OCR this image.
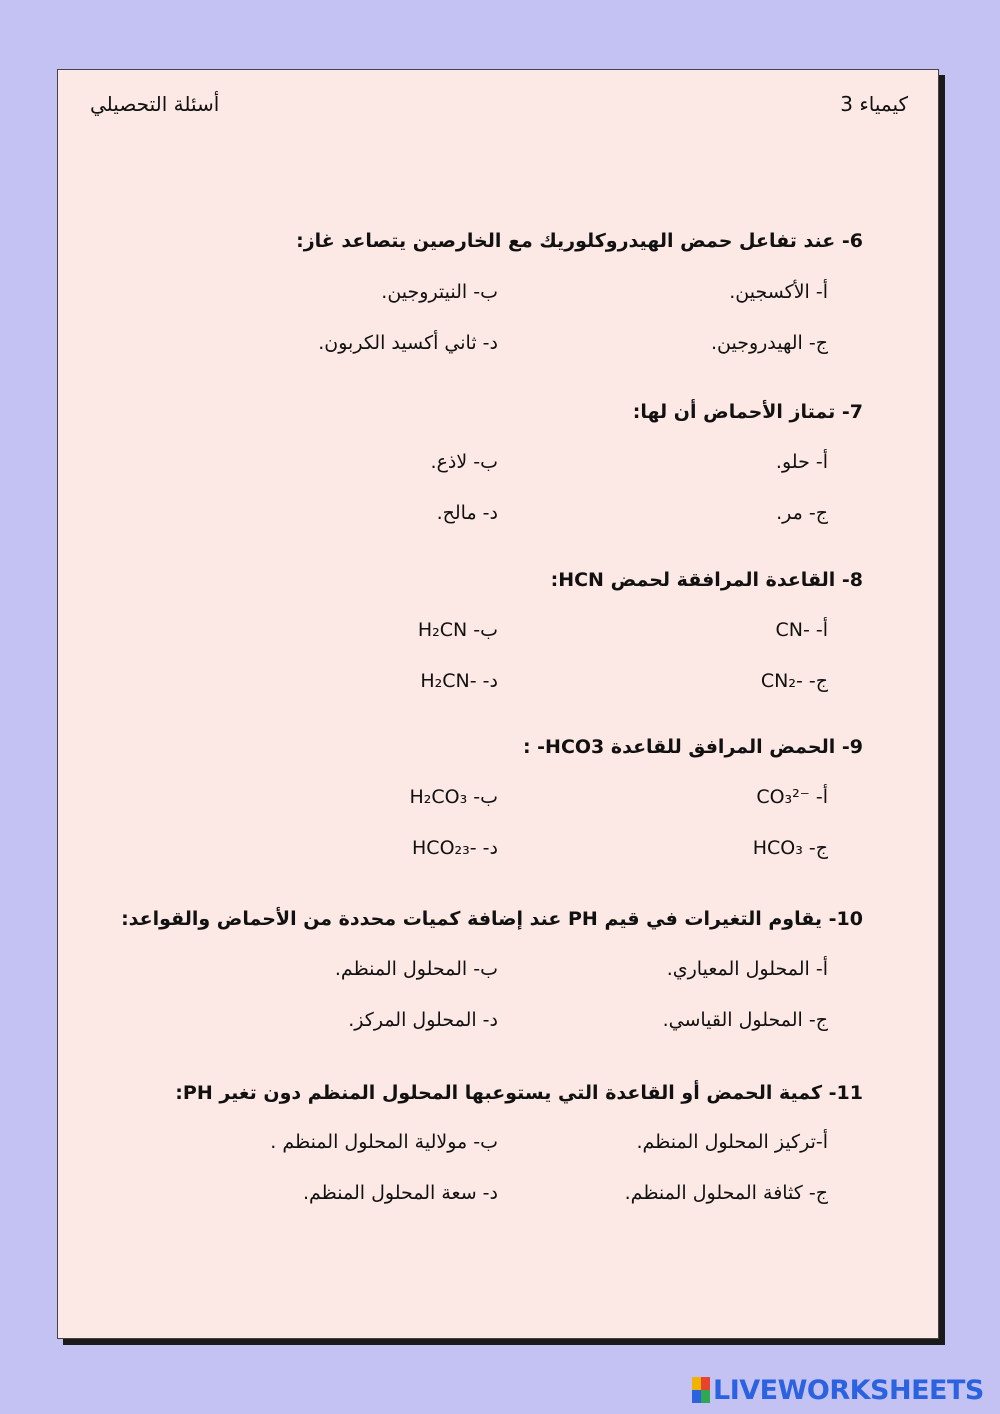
كيمياء 3
أسئلة التحصيلي
6- عند تفاعل حمض الهيدروكلوريك مع الخارصين يتصاعد غاز:
أ- الأكسجين.
ب- النيتروجين.
ج- الهيدروجين.
د- ثاني أكسيد الكربون.
7- تمتاز الأحماض أن لها:
أ- حلو.
ب- لاذع.
ج- مر.
د- مالح.
8- القاعدة المرافقة لحمض HCN:
أ- CN-
ب- H₂CN
ج- CN₂-
د- H₂CN-
9- الحمض المرافق للقاعدة HCO3- :
أ- CO₃²⁻
ب- H₂CO₃
ج- HCO₃
د- HCO₂₃-
10- يقاوم التغيرات في قيم PH عند إضافة كميات محددة من الأحماض والقواعد:
أ- المحلول المعياري.
ب- المحلول المنظم.
ج- المحلول القياسي.
د- المحلول المركز.
11- كمية الحمض أو القاعدة التي يستوعبها المحلول المنظم دون تغير PH:
أ-تركيز المحلول المنظم.
ب- مولالية المحلول المنظم .
ج- كثافة المحلول المنظم.
د- سعة المحلول المنظم.
LIVEWORKSHEETS
